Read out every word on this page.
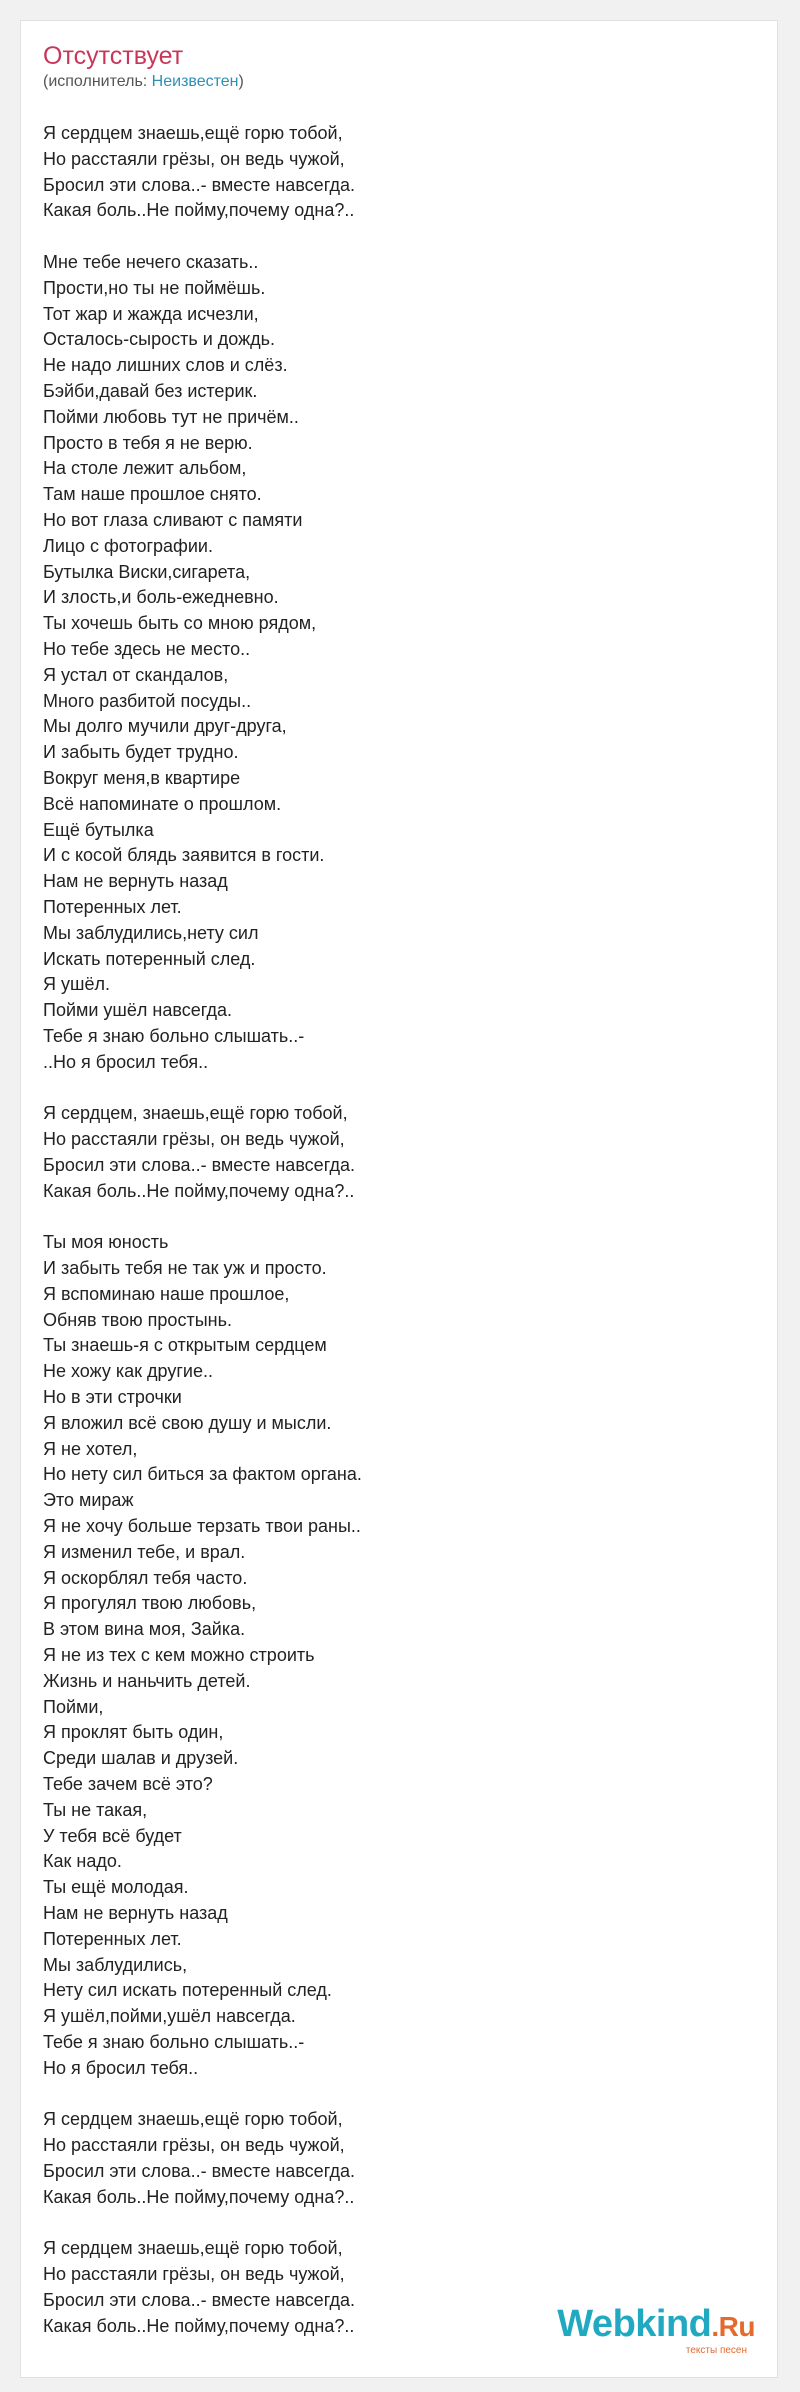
Отсутствует
(исполнитель: Неизвестен)
Я сердцем знаешь,ещё горю тобой,
Но расстаяли грёзы, он ведь чужой,
Бросил эти слова..- вместе навсегда.
Какая боль..Не пойму,почему одна?..
Мне тебе нечего сказать..
Прости,но ты не поймёшь.
Тот жар и жажда исчезли,
Осталось-сырость и дождь.
Не надо лишних слов и слёз.
Бэйби,давай без истерик.
Пойми любовь тут не причём..
Просто в тебя я не верю.
На столе лежит альбом,
Там наше прошлое снято.
Но вот глаза сливают с памяти
Лицо с фотографии.
Бутылка Виски,сигарета,
И злость,и боль-ежедневно.
Ты хочешь быть со мною рядом,
Но тебе здесь не место..
Я устал от скандалов,
Много разбитой посуды..
Мы долго мучили друг-друга,
И забыть будет трудно.
Вокруг меня,в квартире
Всё напоминате о прошлом.
Ещё бутылка
И с косой блядь заявится в гости.
Нам не вернуть назад
Потеренных лет.
Мы заблудились,нету сил
Искать потеренный след.
Я ушёл.
Пойми ушёл навсегда.
Тебе я знаю больно слышать..-
..Но я бросил тебя..
Я сердцем, знаешь,ещё горю тобой,
Но расстаяли грёзы, он ведь чужой,
Бросил эти слова..- вместе навсегда.
Какая боль..Не пойму,почему одна?..
Ты моя юность
И забыть тебя не так уж и просто.
Я вспоминаю наше прошлое,
Обняв твою простынь.
Ты знаешь-я с открытым сердцем
Не хожу как другие..
Но в эти строчки
Я вложил всё свою душу и мысли.
Я не хотел,
Но нету сил биться за фактом органа.
Это мираж
Я не хочу больше терзать твои раны..
Я изменил тебе, и врал.
Я оскорблял тебя часто.
Я прогулял твою любовь,
В этом вина моя, Зайка.
Я не из тех с кем можно строить
Жизнь и наньчить детей.
Пойми,
Я проклят быть один,
Среди шалав и друзей.
Тебе зачем всё это?
Ты не такая,
У тебя всё будет
Как надо.
Ты ещё молодая.
Нам не вернуть назад
Потеренных лет.
Мы заблудились,
Нету сил искать потеренный след.
Я ушёл,пойми,ушёл навсегда.
Тебе я знаю больно слышать..-
Но я бросил тебя..
Я сердцем знаешь,ещё горю тобой,
Но расстаяли грёзы, он ведь чужой,
Бросил эти слова..- вместе навсегда.
Какая боль..Не пойму,почему одна?..
Я сердцем знаешь,ещё горю тобой,
Но расстаяли грёзы, он ведь чужой,
Бросил эти слова..- вместе навсегда.
Какая боль..Не пойму,почему одна?..	Webkind.Ru
тексты песен
